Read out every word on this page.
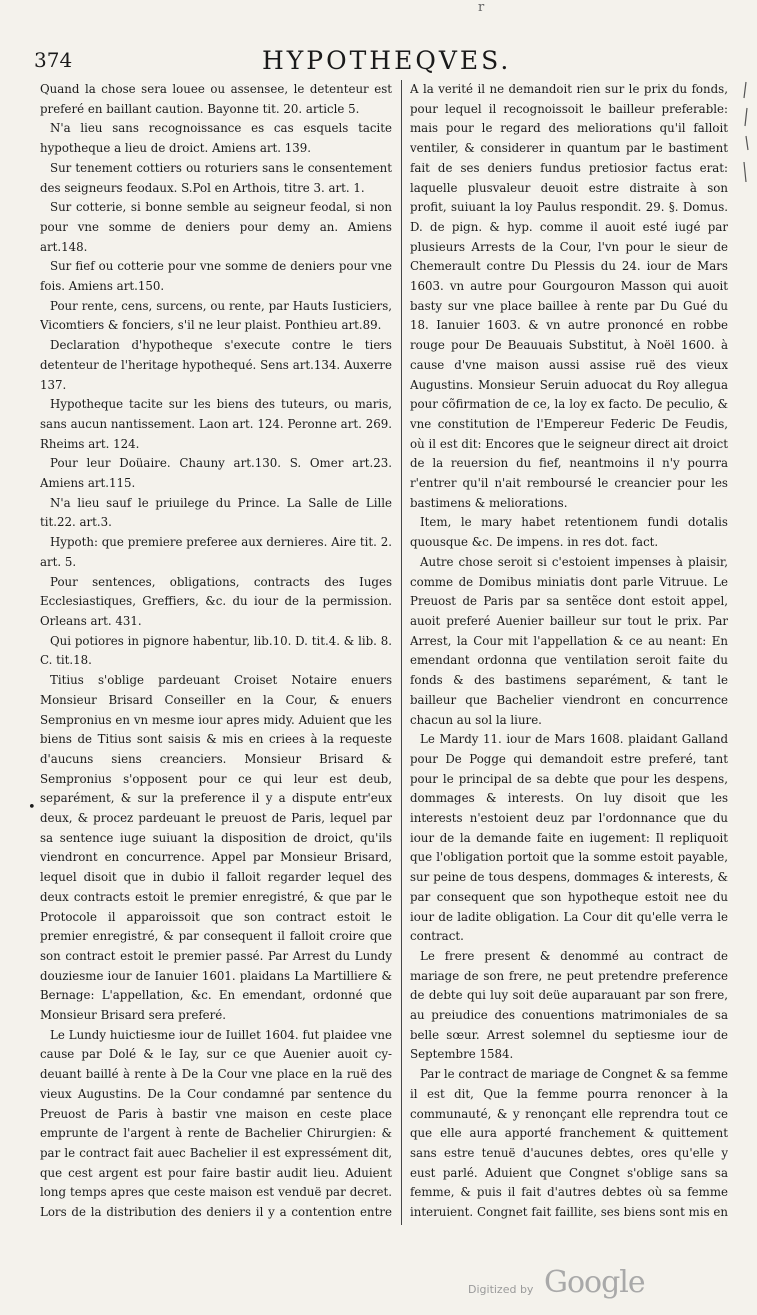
r
374	HYPOTHEQVES.

Quand la chose sera louee ou assensee, le detenteur est preferé en baillant caution. Bayonne tit. 20. article 5.

N'a lieu sans recognoissance es cas esquels tacite hypotheque a lieu de droict. Amiens art. 139.

Sur tenement cottiers ou roturiers sans le consentement des seigneurs feodaux. S.Pol en Arthois, titre 3. art. 1.

Sur cotterie, si bonne semble au seigneur feodal, si non pour vne somme de deniers pour demy an. Amiens art.148.

Sur fief ou cotterie pour vne somme de deniers pour vne fois. Amiens art.150.

Pour rente, cens, surcens, ou rente, par Hauts Iusticiers, Vicomtiers & fonciers, s'il ne leur plaist. Ponthieu art.89.

Declaration d'hypotheque s'execute contre le tiers detenteur de l'heritage hypothequé. Sens art.134. Auxerre 137.

Hypotheque tacite sur les biens des tuteurs, ou maris, sans aucun nantissement. Laon art. 124. Peronne art. 269. Rheims art. 124.

Pour leur Doüaire. Chauny art.130. S. Omer art.23. Amiens art.115.

N'a lieu sauf le priuilege du Prince. La Salle de Lille tit.22. art.3.

Hypoth: que premiere preferee aux dernieres. Aire tit. 2. art. 5.

Pour sentences, obligations, contracts des Iuges Ecclesiastiques, Greffiers, &c. du iour de la permission. Orleans art. 431.

Qui potiores in pignore habentur, lib.10. D. tit.4. & lib. 8. C. tit.18.

Titius s'oblige pardeuant Croiset Notaire enuers Monsieur Brisard Conseiller en la Cour, & enuers Sempronius en vn mesme iour apres midy. Aduient que les biens de Titius sont saisis & mis en criees à la requeste d'aucuns siens creanciers. Monsieur Brisard & Sempronius s'opposent pour ce qui leur est deub, separément, & sur la preference il y a dispute entr'eux deux, & procez pardeuant le preuost de Paris, lequel par sa sentence iuge suiuant la disposition de droict, qu'ils viendront en concurrence. Appel par Monsieur Brisard, lequel disoit que in dubio il falloit regarder lequel des deux contracts estoit le premier enregistré, & que par le Protocole il apparoissoit que son contract estoit le premier enregistré, & par consequent il falloit croire que son contract estoit le premier passé. Par Arrest du Lundy douziesme iour de Ianuier 1601. plaidans La Martilliere & Bernage: L'appellation, &c. En emendant, ordonné que Monsieur Brisard sera preferé.

Le Lundy huictiesme iour de Iuillet 1604. fut plaidee vne cause par Dolé & le Iay, sur ce que Auenier auoit cy-deuant baillé à rente à De la Cour vne place en la ruë des vieux Augustins. De la Cour condamné par sentence du Preuost de Paris à bastir vne maison en ceste place emprunte de l'argent à rente de Bachelier Chirurgien: & par le contract fait auec Bachelier il est expressément dit, que cest argent est pour faire bastir audit lieu. Aduient long temps apres que ceste maison est venduë par decret. Lors de la distribution des deniers il y a contention entre

A la verité il ne demandoit rien sur le prix du fonds, pour lequel il recognoissoit le bailleur preferable: mais pour le regard des meliorations qu'il falloit ventiler, & considerer in quantum par le bastiment fait de ses deniers fundus pretiosior factus erat: laquelle plusvaleur deuoit estre distraite à son profit, suiuant la loy Paulus respondit. 29. §. Domus. D. de pign. & hyp. comme il auoit esté iugé par plusieurs Arrests de la Cour, l'vn pour le sieur de Chemerault contre Du Plessis du 24. iour de Mars 1603. vn autre pour Gourgouron Masson qui auoit basty sur vne place baillee à rente par Du Gué du 18. Ianuier 1603. & vn autre prononcé en robbe rouge pour De Beauuais Substitut, à Noël 1600. à cause d'vne maison aussi assise ruë des vieux Augustins. Monsieur Seruin aduocat du Roy allegua pour cõfirmation de ce, la loy ex facto. De peculio, & vne constitution de l'Empereur Federic De Feudis, où il est dit: Encores que le seigneur direct ait droict de la reuersion du fief, neantmoins il n'y pourra r'entrer qu'il n'ait remboursé le creancier pour les bastimens & meliorations.

Item, le mary habet retentionem fundi dotalis quousque &c. De impens. in res dot. fact.

Autre chose seroit si c'estoient impenses à plaisir, comme de Domibus miniatis dont parle Vitruue. Le Preuost de Paris par sa sentẽce dont estoit appel, auoit preferé Auenier bailleur sur tout le prix. Par Arrest, la Cour mit l'appellation & ce au neant: En emendant ordonna que ventilation seroit faite du fonds & des bastimens separément, & tant le bailleur que Bachelier viendront en concurrence chacun au sol la liure.

Le Mardy 11. iour de Mars 1608. plaidant Galland pour De Pogge qui demandoit estre preferé, tant pour le principal de sa debte que pour les despens, dommages & interests. On luy disoit que les interests n'estoient deuz par l'ordonnance que du iour de la demande faite en iugement: Il repliquoit que l'obligation portoit que la somme estoit payable, sur peine de tous despens, dommages & interests, & par consequent que son hypotheque estoit nee du iour de ladite obligation. La Cour dit qu'elle verra le contract.

Le frere present & denommé au contract de mariage de son frere, ne peut pretendre preference de debte qui luy soit deüe auparauant par son frere, au preiudice des conuentions matrimoniales de sa belle sœur. Arrest solemnel du septiesme iour de Septembre 1584.

Par le contract de mariage de Congnet & sa femme il est dit, Que la femme pourra renoncer à la communauté, & y renonçant elle reprendra tout ce que elle aura apporté franchement & quittement sans estre tenuë d'aucunes debtes, ores qu'elle y eust parlé. Aduient que Congnet s'oblige sans sa femme, & puis il fait d'autres debtes où sa femme interuient. Congnet fait faillite, ses biens sont mis en

•
Digitized by Google
